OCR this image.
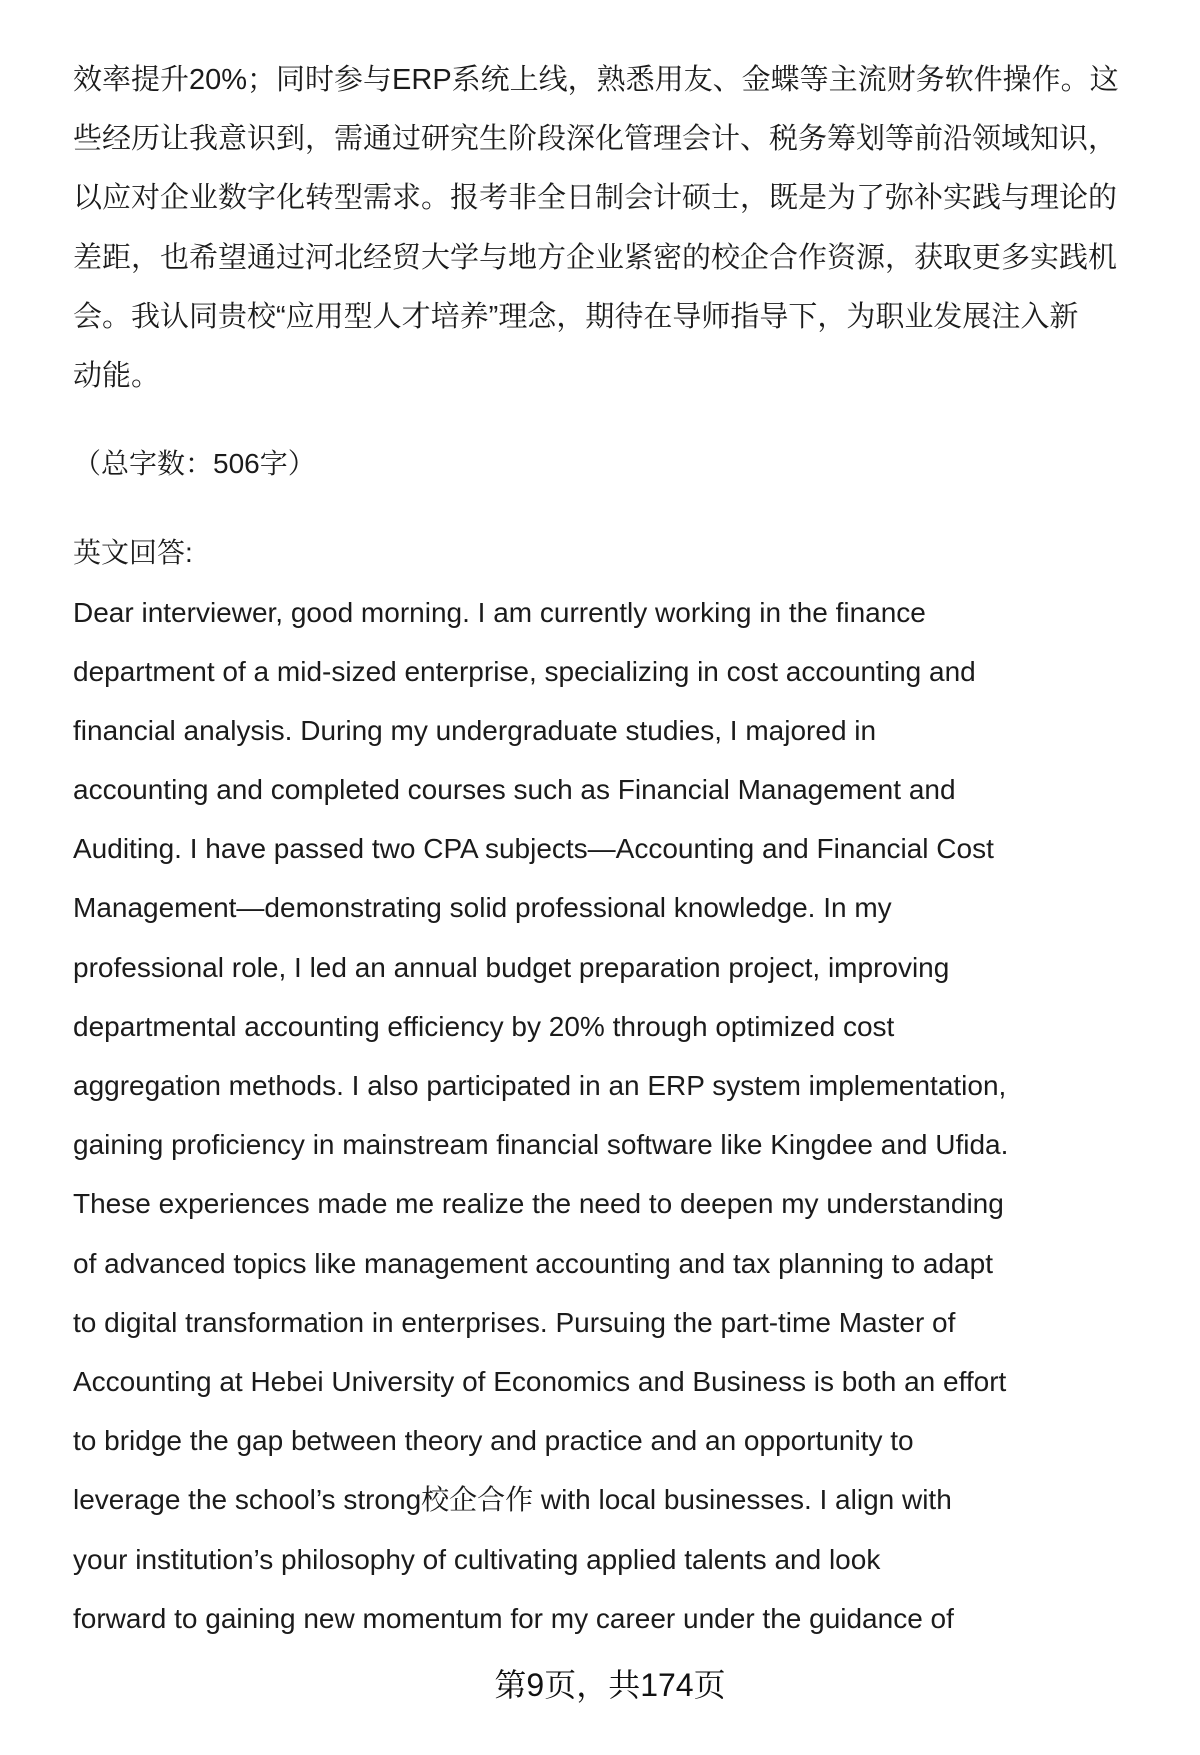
效率提升20%；同时参与ERP系统上线，熟悉用友、金蝶等主流财务软件操作。这
些经历让我意识到，需通过研究生阶段深化管理会计、税务筹划等前沿领域知识，
以应对企业数字化转型需求。报考非全日制会计硕士，既是为了弥补实践与理论的
差距，也希望通过河北经贸大学与地方企业紧密的校企合作资源，获取更多实践机
会。我认同贵校“应用型人才培养”理念，期待在导师指导下，为职业发展注入新
动能。
（总字数：506字）
英文回答:
Dear interviewer, good morning. I am currently working in the finance
department of a mid-sized enterprise, specializing in cost accounting and
financial analysis. During my undergraduate studies, I majored in
accounting and completed courses such as Financial Management and
Auditing. I have passed two CPA subjects—Accounting and Financial Cost
Management—demonstrating solid professional knowledge. In my
professional role, I led an annual budget preparation project, improving
departmental accounting efficiency by 20% through optimized cost
aggregation methods. I also participated in an ERP system implementation,
gaining proficiency in mainstream financial software like Kingdee and Ufida.
These experiences made me realize the need to deepen my understanding
of advanced topics like management accounting and tax planning to adapt
to digital transformation in enterprises. Pursuing the part-time Master of
Accounting at Hebei University of Economics and Business is both an effort
to bridge the gap between theory and practice and an opportunity to
leverage the school’s strong校企合作 with local businesses. I align with
your institution’s philosophy of cultivating applied talents and look
forward to gaining new momentum for my career under the guidance of
第9页，共174页
